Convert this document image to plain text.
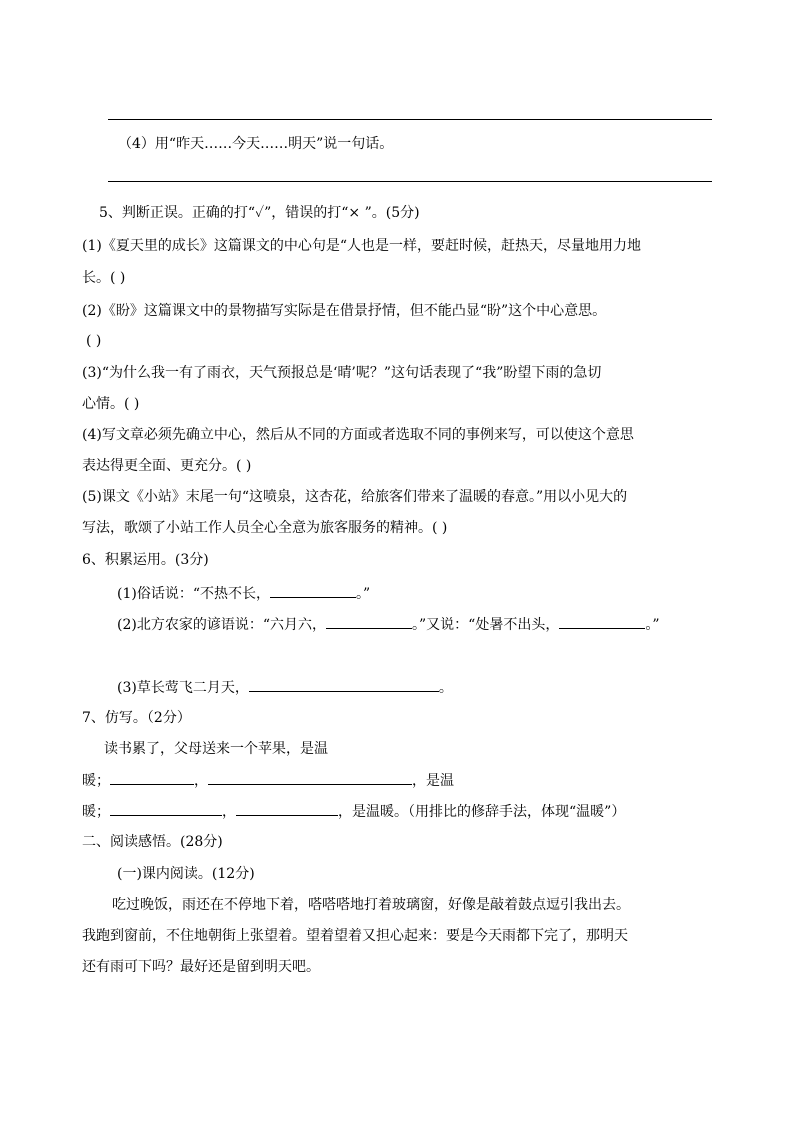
（4）用“昨天……今天……明天”说一句话。
5、判断正误。正确的打“✓”，错误的打“× ”。(5分)
(1)《夏天里的成长》这篇课文的中心句是“人也是一样，要赶时候，赶热天，尽量地用力地
长。( )
(2)《盼》这篇课文中的景物描写实际是在借景抒情，但不能凸显“盼”这个中心意思。
( )
(3)“为什么我一有了雨衣，天气预报总是‘晴’呢？”这句话表现了“我”盼望下雨的急切
心情。( )
(4)写文章必须先确立中心，然后从不同的方面或者选取不同的事例来写，可以使这个意思
表达得更全面、更充分。( )
(5)课文《小站》末尾一句“这喷泉，这杏花，给旅客们带来了温暖的春意。”用以小见大的
写法，歌颂了小站工作人员全心全意为旅客服务的精神。( )
6、积累运用。(3分)
(1)俗话说：“不热不长，	。”
(2)北方农家的谚语说：“六月六，	。”又说：“处暑不出头，	。”
(3)草长莺飞二月天，	。
7、仿写。（2分）
读书累了，父母送来一个苹果，是温
暖；	，	，是温
暖；	，	，是温暖。（用排比的修辞手法，体现“温暖”）
二、阅读感悟。(28分)
(一)课内阅读。(12分)
吃过晚饭，雨还在不停地下着，嗒嗒嗒地打着玻璃窗，好像是敲着鼓点逗引我出去。
我跑到窗前，不住地朝街上张望着。望着望着又担心起来：要是今天雨都下完了，那明天
还有雨可下吗？最好还是留到明天吧。
